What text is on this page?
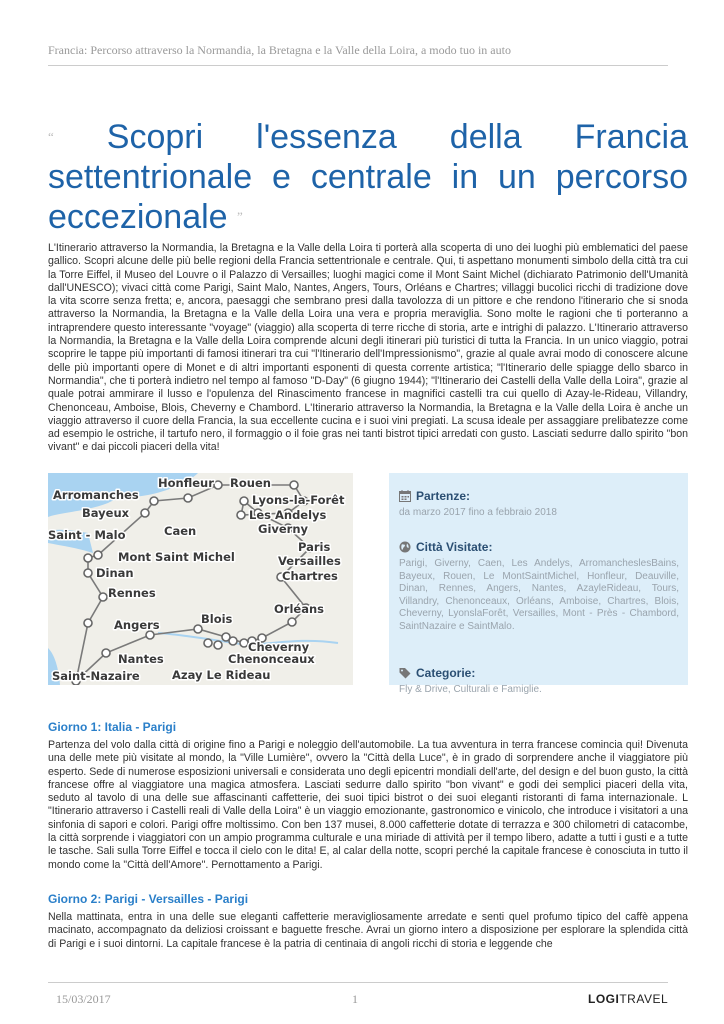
Francia: Percorso attraverso la Normandia, la Bretagna e la Valle della Loira, a modo tuo in auto
“ Scopri l'essenza della Francia settentrionale e centrale in un percorso eccezionale ”

L'Itinerario attraverso la Normandia, la Bretagna e la Valle della Loira ti porterà alla scoperta di uno dei luoghi più emblematici del paese gallico. Scopri alcune delle più belle regioni della Francia settentrionale e centrale. Qui, ti aspettano monumenti simbolo della città tra cui la Torre Eiffel, il Museo del Louvre o il Palazzo di Versailles; luoghi magici come il Mont Saint Michel (dichiarato Patrimonio dell'Umanità dall'UNESCO); vivaci città come Parigi, Saint Malo, Nantes, Angers, Tours, Orléans e Chartres; villaggi bucolici ricchi di tradizione dove la vita scorre senza fretta; e, ancora, paesaggi che sembrano presi dalla tavolozza di un pittore e che rendono l'itinerario che si snoda attraverso la Normandia, la Bretagna e la Valle della Loira una vera e propria meraviglia. Sono molte le ragioni che ti porteranno a intraprendere questo interessante "voyage" (viaggio) alla scoperta di terre ricche di storia, arte e intrighi di palazzo. L'Itinerario attraverso la Normandia, la Bretagna e la Valle della Loira comprende alcuni degli itinerari più turistici di tutta la Francia. In un unico viaggio, potrai scoprire le tappe più importanti di famosi itinerari tra cui "l'Itinerario dell'Impressionismo", grazie al quale avrai modo di conoscere alcune delle più importanti opere di Monet e di altri importanti esponenti di questa corrente artistica; "l'Itinerario delle spiagge dello sbarco in Normandia", che ti porterà indietro nel tempo al famoso "D-Day" (6 giugno 1944); "l'Itinerario dei Castelli della Valle della Loira", grazie al quale potrai ammirare il lusso e l'opulenza del Rinascimento francese in magnifici castelli tra cui quello di Azay-le-Rideau, Villandry, Chenonceau, Amboise, Blois, Cheverny e Chambord. L'Itinerario attraverso la Normandia, la Bretagna e la Valle della Loira è anche un viaggio attraverso il cuore della Francia, la sua eccellente cucina e i suoi vini pregiati. La scusa ideale per assaggiare prelibatezze come ad esempio le ostriche, il tartufo nero, il formaggio o il foie gras nei tanti bistrot tipici arredati con gusto. Lasciati sedurre dallo spirito "bon vivant" e dai piccoli piaceri della vita!

Honfleur Rouen
Arromanches	Lyons-la-Forêt
Bayeux	Les Andelys
Caen	Giverny
Saint - Malo
Paris
Versailles
Mont Saint Michel
Dinan	Chartres
Rennes
Orléans
Angers	Blois
Cheverny
Nantes	Chenonceaux
Saint-Nazaire	Azay Le Rideau
Partenze:
da marzo 2017 fino a febbraio 2018
Città Visitate:
Parigi, Giverny, Caen, Les Andelys, ArromancheslesBains, Bayeux, Rouen, Le MontSaintMichel, Honfleur, Deauville, Dinan, Rennes, Angers, Nantes, AzayleRideau, Tours, Villandry, Chenonceaux, Orléans, Amboise, Chartres, Blois, Cheverny, LyonslaForêt, Versailles, Mont - Près - Chambord, SaintNazaire e SaintMalo.
Categorie:
Fly & Drive, Culturali e Famiglie.
Giorno 1: Italia - Parigi

Partenza del volo dalla città di origine fino a Parigi e noleggio dell'automobile. La tua avventura in terrа francese comincia qui! Divenuta una delle mete più visitate al mondo, la "Ville Lumière", ovvero la "Città della Luce", è in grado di sorprendere anche il viaggiatore più esperto. Sede di numerose esposizioni universali e considerata uno degli epicentri mondiali dell'arte, del design e del buon gusto, la città francese offre al viaggiatore una magica atmosfera. Lasciati sedurre dallo spirito "bon vivant" e godi dei semplici piaceri della vita, seduto al tavolo di una delle sue affascinanti caffetterie, dei suoi tipici bistrot o dei suoi eleganti ristoranti di fama internazionale. L "Itinerario attraverso i Castelli reali di Valle della Loira" è un viaggio emozionante, gastronomico e vinicolo, che introduce i visitatori a una sinfonia di sapori e colori. Parigi offre moltissimo. Con ben 137 musei, 8.000 caffetterie dotate di terrazza e 300 chilometri di catacombe, la città sorprende i viaggiatori con un ampio programma culturale e una miriade di attività per il tempo libero, adatte a tutti i gusti e a tutte le tasche. Sali sulla Torre Eiffel e tocca il cielo con le dita! E, al calar della notte, scopri perché la capitale francese è conosciuta in tutto il mondo come la "Città dell'Amore". Pernottamento a Parigi.

Giorno 2: Parigi - Versailles - Parigi

Nella mattinata, entra in una delle sue eleganti caffetterie meravigliosamente arredate e senti quel profumo tipico del caffè appena macinato, accompagnato da deliziosi croissant e baguette fresche. Avrai un giorno intero a disposizione per esplorare la splendida città di Parigi e i suoi dintorni. La capitale francese è la patria di centinaia di angoli ricchi di storia e leggende che

15/03/2017	1	LOGITRAVEL
